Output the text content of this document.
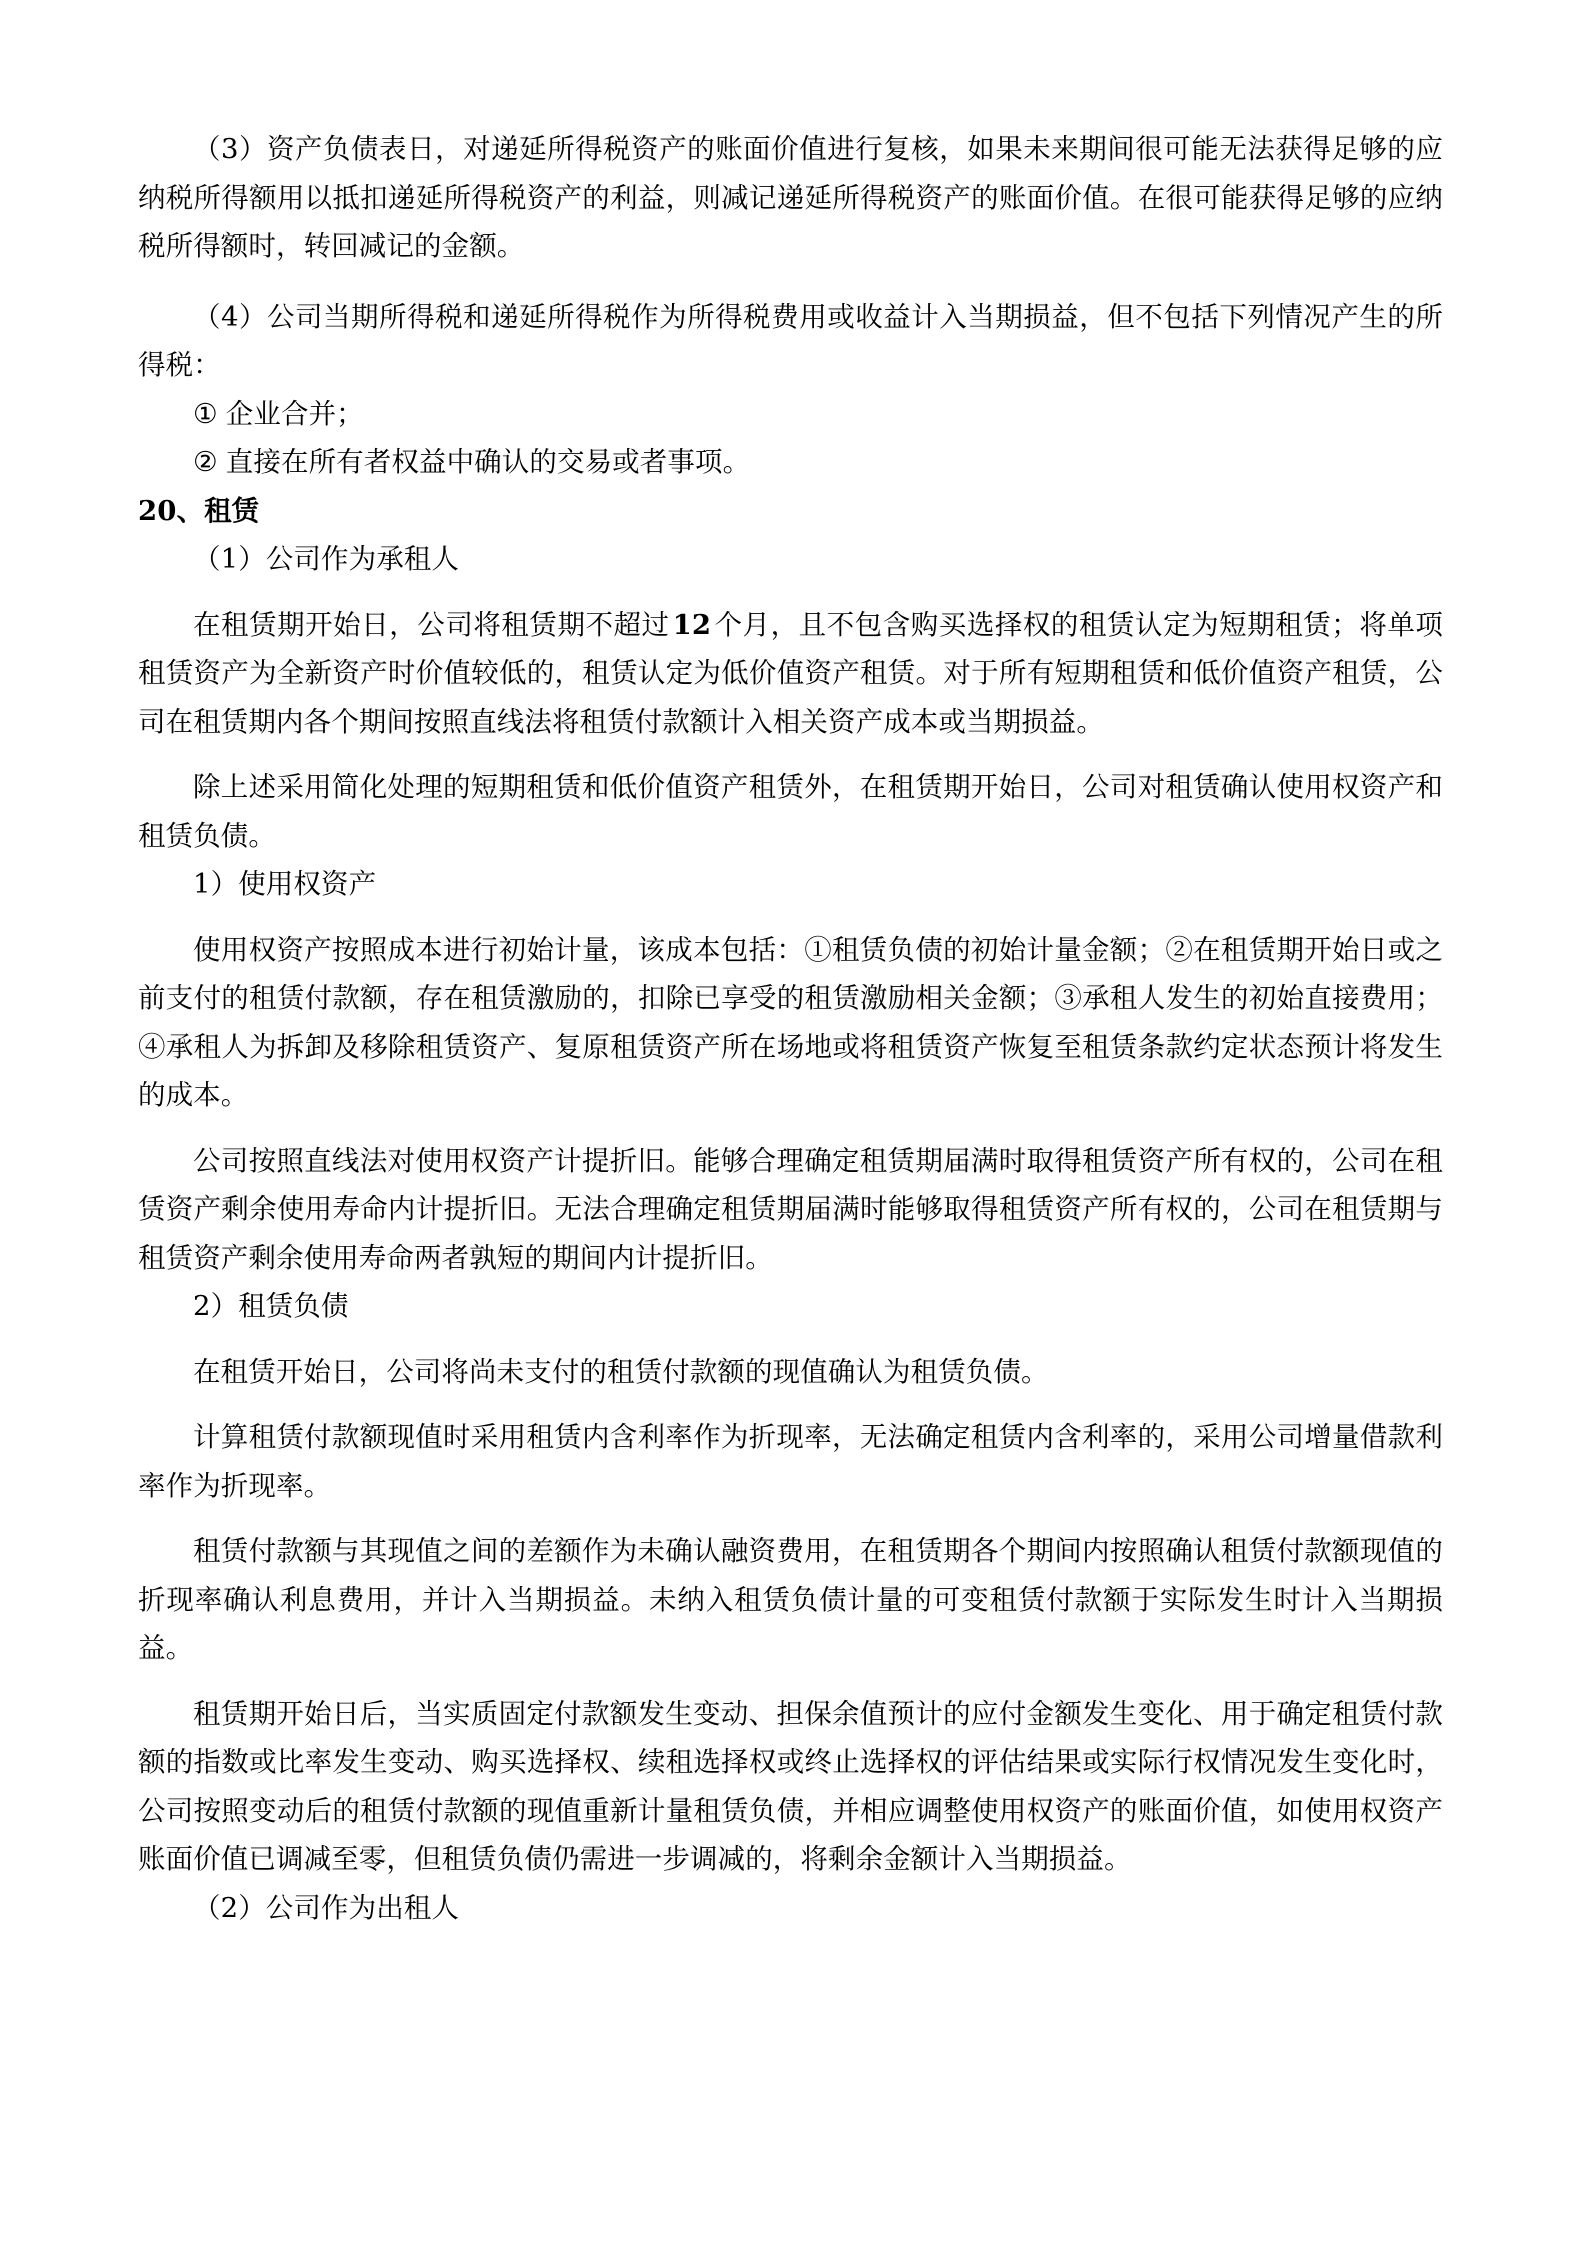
（3）资产负债表日，对递延所得税资产的账面价值进行复核，如果未来期间很可能无法获得足够的应纳税所得额用以抵扣递延所得税资产的利益，则减记递延所得税资产的账面价值。在很可能获得足够的应纳税所得额时，转回减记的金额。

（4）公司当期所得税和递延所得税作为所得税费用或收益计入当期损益，但不包括下列情况产生的所得税：

① 企业合并；

② 直接在所有者权益中确认的交易或者事项。

20、租赁

（1）公司作为承租人

在租赁期开始日，公司将租赁期不超过 12 个月，且不包含购买选择权的租赁认定为短期租赁；将单项租赁资产为全新资产时价值较低的，租赁认定为低价值资产租赁。对于所有短期租赁和低价值资产租赁，公司在租赁期内各个期间按照直线法将租赁付款额计入相关资产成本或当期损益。

除上述采用简化处理的短期租赁和低价值资产租赁外，在租赁期开始日，公司对租赁确认使用权资产和租赁负债。

1）使用权资产

使用权资产按照成本进行初始计量，该成本包括：①租赁负债的初始计量金额；②在租赁期开始日或之前支付的租赁付款额，存在租赁激励的，扣除已享受的租赁激励相关金额；③承租人发生的初始直接费用；④承租人为拆卸及移除租赁资产、复原租赁资产所在场地或将租赁资产恢复至租赁条款约定状态预计将发生的成本。

公司按照直线法对使用权资产计提折旧。能够合理确定租赁期届满时取得租赁资产所有权的，公司在租赁资产剩余使用寿命内计提折旧。无法合理确定租赁期届满时能够取得租赁资产所有权的，公司在租赁期与租赁资产剩余使用寿命两者孰短的期间内计提折旧。

2）租赁负债

在租赁开始日，公司将尚未支付的租赁付款额的现值确认为租赁负债。

计算租赁付款额现值时采用租赁内含利率作为折现率，无法确定租赁内含利率的，采用公司增量借款利率作为折现率。

租赁付款额与其现值之间的差额作为未确认融资费用，在租赁期各个期间内按照确认租赁付款额现值的折现率确认利息费用，并计入当期损益。未纳入租赁负债计量的可变租赁付款额于实际发生时计入当期损益。

租赁期开始日后，当实质固定付款额发生变动、担保余值预计的应付金额发生变化、用于确定租赁付款额的指数或比率发生变动、购买选择权、续租选择权或终止选择权的评估结果或实际行权情况发生变化时，公司按照变动后的租赁付款额的现值重新计量租赁负债，并相应调整使用权资产的账面价值，如使用权资产账面价值已调减至零，但租赁负债仍需进一步调减的，将剩余金额计入当期损益。

（2）公司作为出租人
